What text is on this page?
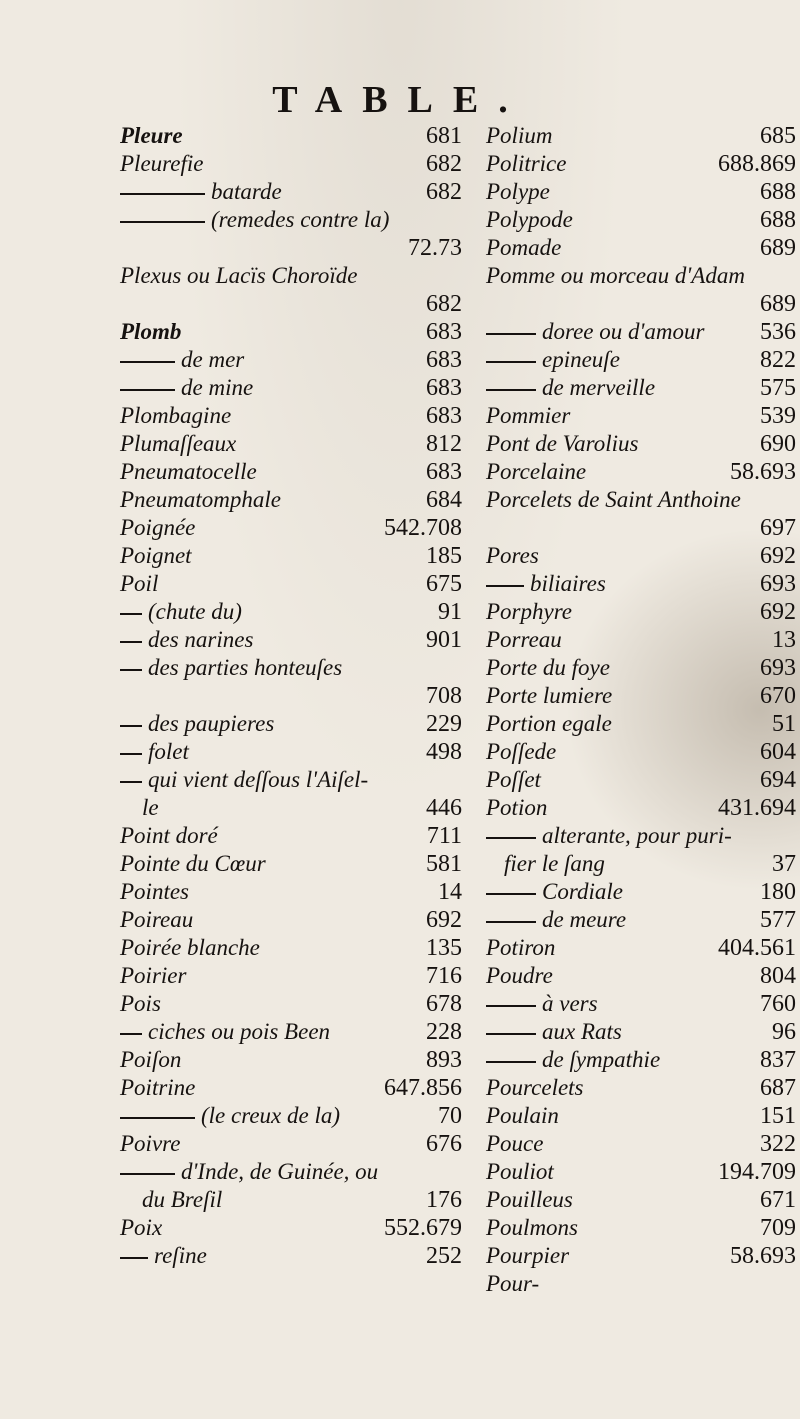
TABLE.
Pleure	681
Pleurefie	682
batarde	682
(remedes contre la)
72.73
Plexus ou Lacïs Choroïde
682
Plomb	683
de mer	683
de mine	683
Plombagine	683
Plumaſſeaux	812
Pneumatocelle	683
Pneumatomphale	684
Poignée	542.708
Poignet	185
Poil	675
(chute du)	91
des narines	901
des parties honteuſes
708
des paupieres	229
folet	498
qui vient deſſous l'Aiſel-
le	446
Point doré	711
Pointe du Cœur	581
Pointes	14
Poireau	692
Poirée blanche	135
Poirier	716
Pois	678
ciches ou pois Been	228
Poiſon	893
Poitrine	647.856
(le creux de la)	70
Poivre	676
d'Inde, de Guinée, ou
du Breſil	176
Poix	552.679
reſine	252
Polium	685
Politrice	688.869
Polype	688
Polypode	688
Pomade	689
Pomme ou morceau d'Adam
689
doree ou d'amour 536
epineuſe	822
de merveille	575
Pommier	539
Pont de Varolius	690
Porcelaine	58.693
Porcelets de Saint Anthoine
697
Pores	692
biliaires	693
Porphyre	692
Porreau	13
Porte du foye	693
Porte lumiere	670
Portion egale	51
Poſſede	604
Poſſet	694
Potion	431.694
alterante, pour puri-
fier le ſang	37
Cordiale	180
de meure	577
Potiron	404.561
Poudre	804
à vers	760
aux Rats	96
de ſympathie	837
Pourcelets	687
Poulain	151
Pouce	322
Pouliot	194.709
Pouilleus	671
Poulmons	709
Pourpier	58.693
Pour-
